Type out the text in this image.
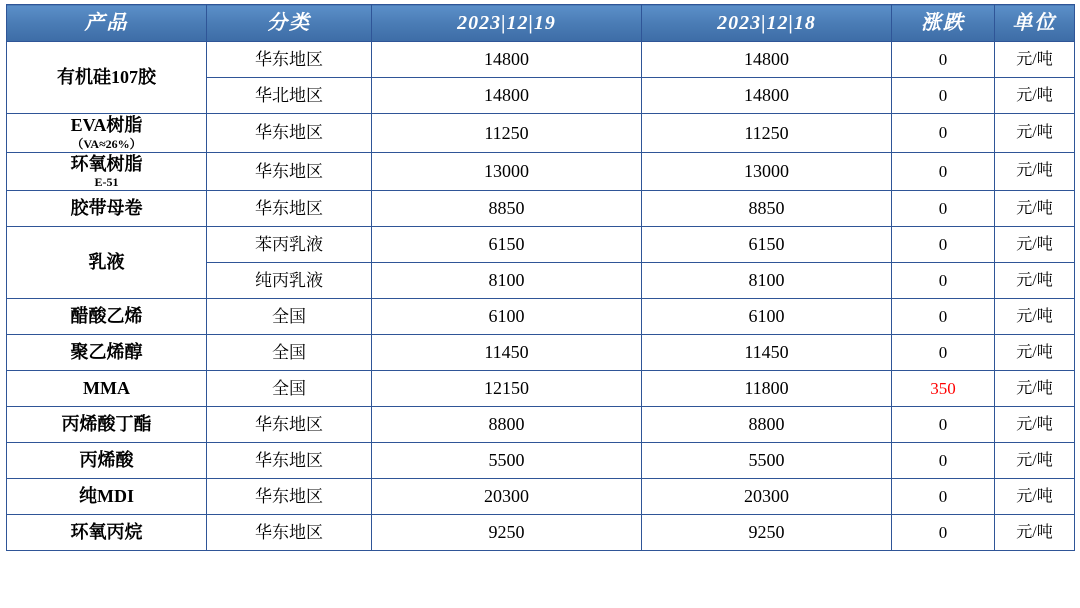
产品	分类	2023|12|19	2023|12|18	涨跌	单位

有机硅107胶	华东地区	14800	14800	0	元/吨
	华北地区	14800	14800	0	元/吨

EVA树脂
（VA≈26%）	华东地区	11250	11250	0	元/吨

环氧树脂
E-51	华东地区	13000	13000	0	元/吨

胶带母卷	华东地区	8850	8850	0	元/吨

乳液	苯丙乳液	6150	6150	0	元/吨
	纯丙乳液	8100	8100	0	元/吨

醋酸乙烯	全国	6100	6100	0	元/吨

聚乙烯醇	全国	11450	11450	0	元/吨

MMA	全国	12150	11800	350	元/吨

丙烯酸丁酯	华东地区	8800	8800	0	元/吨

丙烯酸	华东地区	5500	5500	0	元/吨

纯MDI	华东地区	20300	20300	0	元/吨

环氧丙烷	华东地区	9250	9250	0	元/吨
